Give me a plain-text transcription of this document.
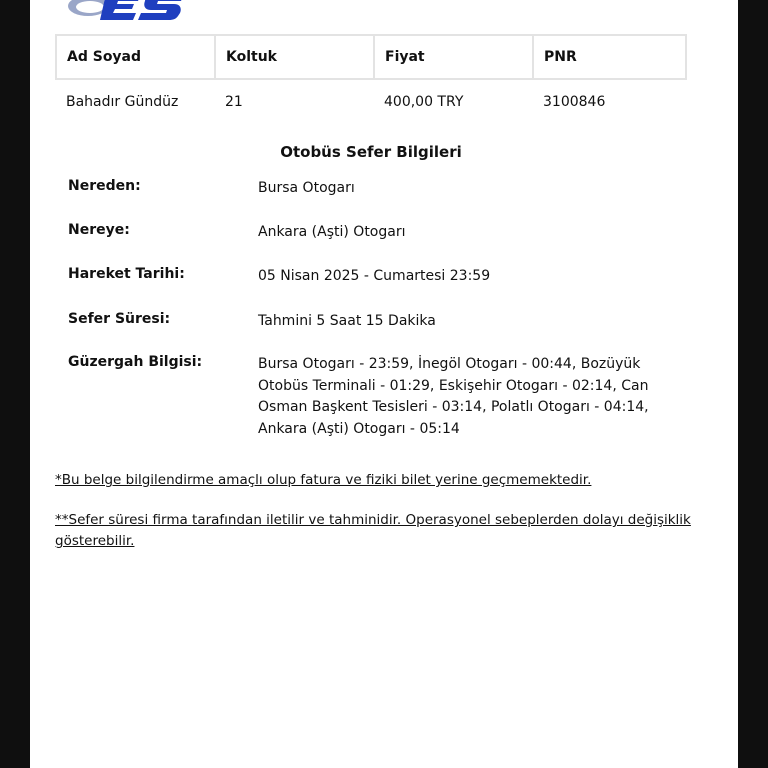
Ad Soyad	Koltuk	Fiyat	PNR
Bahadır Gündüz	21	400,00 TRY	3100846
Otobüs Sefer Bilgileri
Nereden:	Bursa Otogarı
Nereye:	Ankara (Aşti) Otogarı
Hareket Tarihi:	05 Nisan 2025 - Cumartesi 23:59
Sefer Süresi:	Tahmini 5 Saat 15 Dakika
Güzergah Bilgisi:	Bursa Otogarı - 23:59, İnegöl Otogarı - 00:44, Bozüyük Otobüs Terminali - 01:29, Eskişehir Otogarı - 02:14, Can Osman Başkent Tesisleri - 03:14, Polatlı Otogarı - 04:14, Ankara (Aşti) Otogarı - 05:14
*Bu belge bilgilendirme amaçlı olup fatura ve fiziki bilet yerine geçmemektedir.
**Sefer süresi firma tarafından iletilir ve tahminidir. Operasyonel sebeplerden dolayı değişiklik gösterebilir.
